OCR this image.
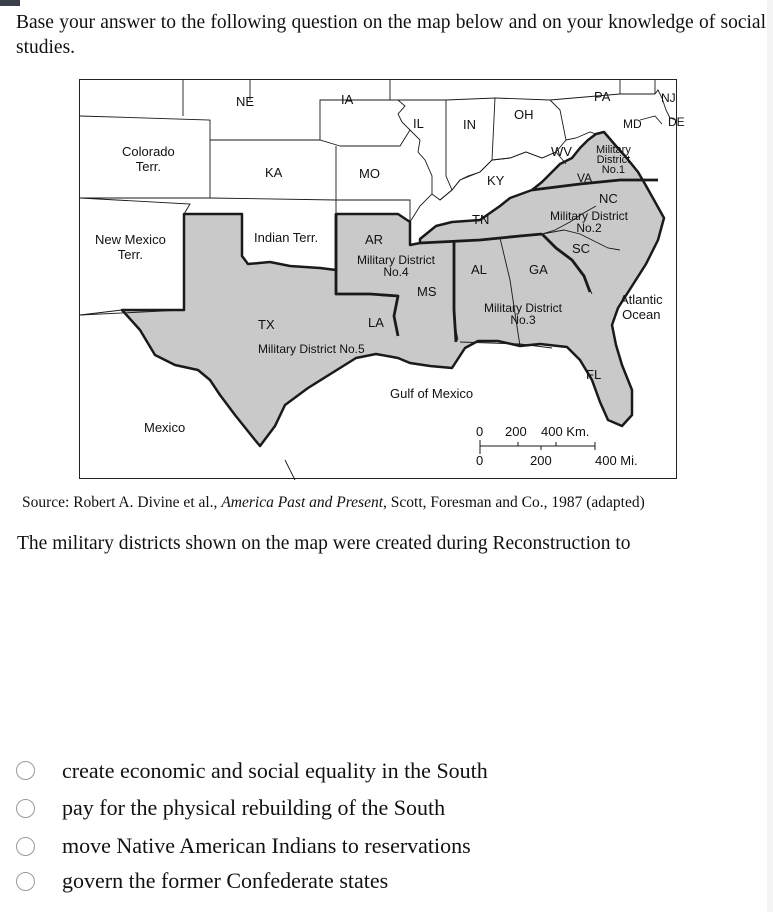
Base your answer to the following question on the map below and on your knowledge of social studies.
NE	IA	PA	NJ
MD DE
IL	IN
OH
WV
Colorado
Terr.	KA	MO	KY
Military
District
No.1
VA
NC
Military District
No.2
SC
New Mexico
Terr.
Indian Terr.	AR
TN
Military District
No.4	AL	GA
MS
Military District
No.3
Atlantic
Ocean
TX	LA
Military District No.5
FL
Gulf of Mexico
Mexico	0 200 400 Km.
0	200	400 Mi.
Source: Robert A. Divine et al., America Past and Present, Scott, Foresman and Co., 1987 (adapted)
The military districts shown on the map were created during Reconstruction to
create economic and social equality in the South
pay for the physical rebuilding of the South
move Native American Indians to reservations
govern the former Confederate states
